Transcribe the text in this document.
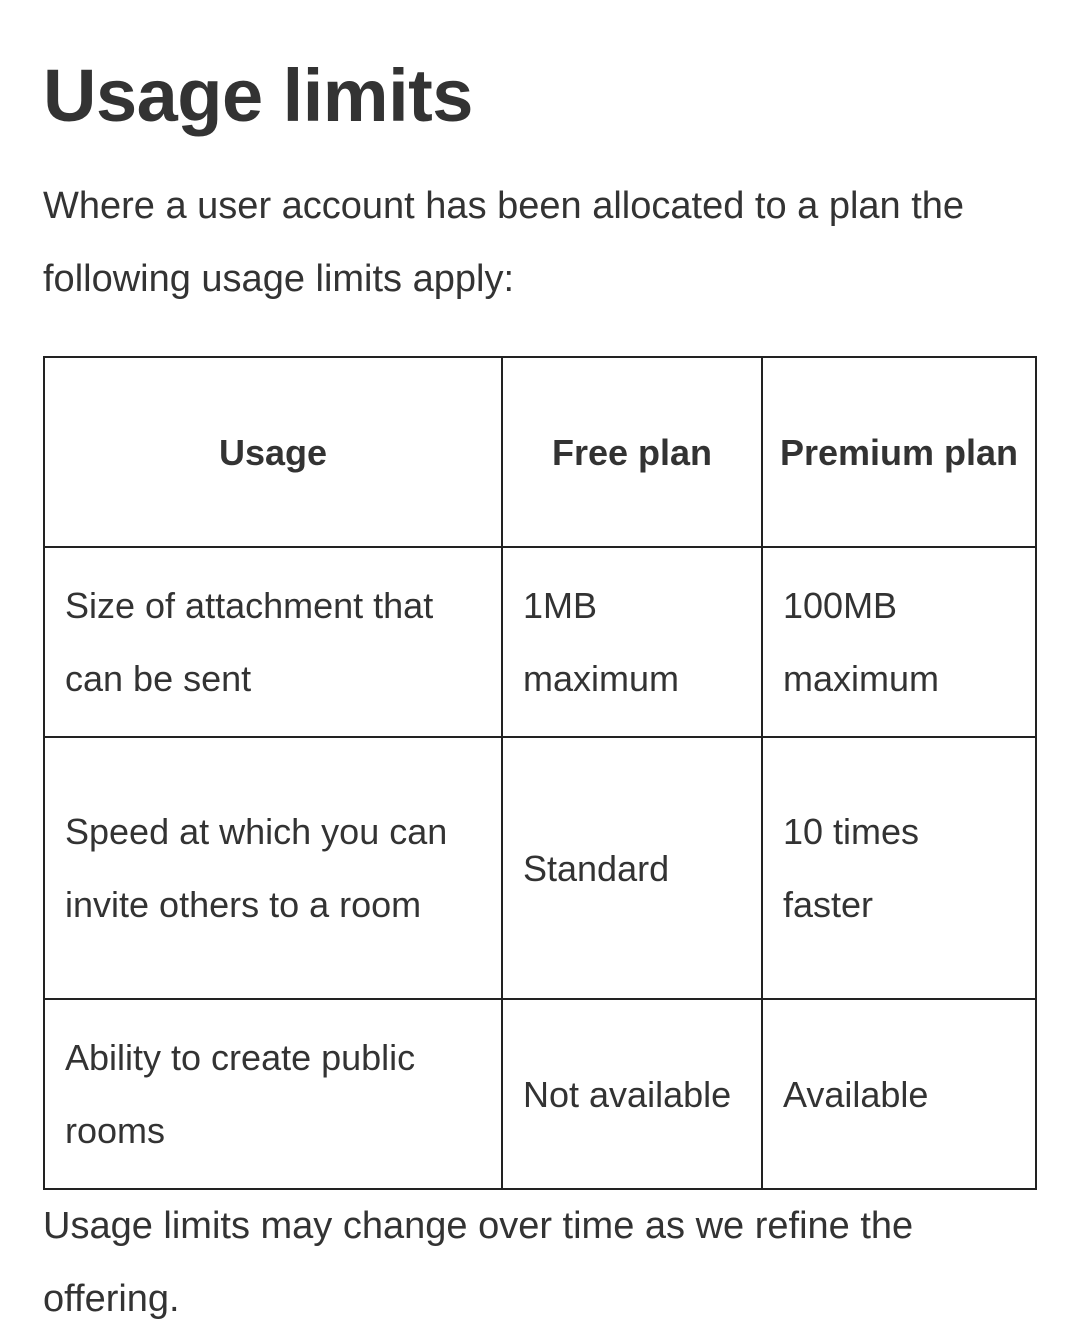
Usage limits

Where a user account has been allocated to a plan the following usage limits apply:

Usage	Free plan	Premium plan
Size of attachment that can be sent	1MB maximum	100MB maximum
Speed at which you can invite others to a room	Standard	10 times faster
Ability to create public rooms	Not available	Available

Usage limits may change over time as we refine the offering.
